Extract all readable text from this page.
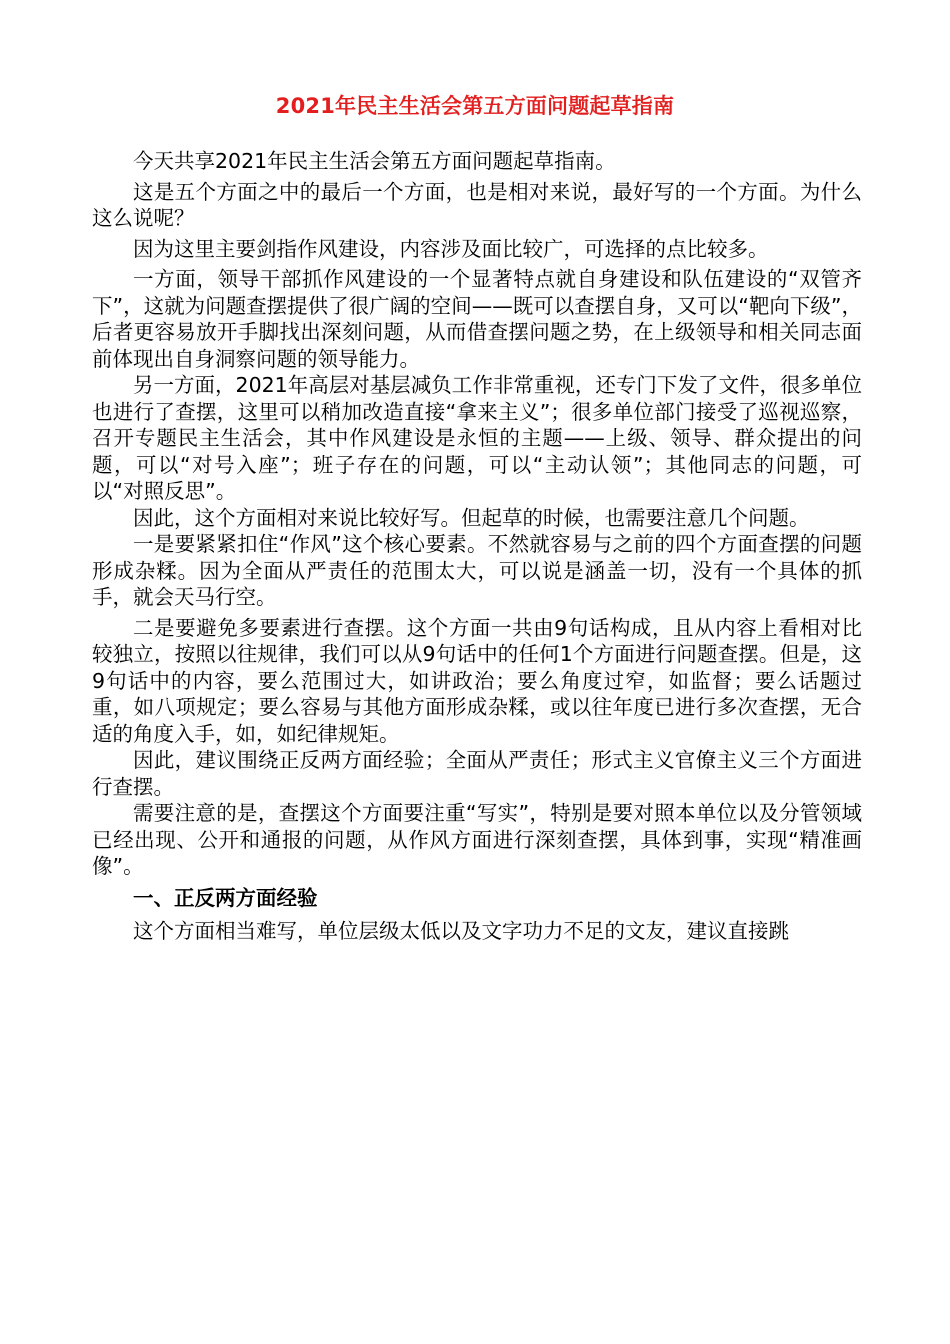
2021年民主生活会第五方面问题起草指南

今天共享2021年民主生活会第五方面问题起草指南。

这是五个方面之中的最后一个方面，也是相对来说，最好写的一个方面。为什么这么说呢？

因为这里主要剑指作风建设，内容涉及面比较广，可选择的点比较多。

一方面，领导干部抓作风建设的一个显著特点就自身建设和队伍建设的“双管齐下”，这就为问题查摆提供了很广阔的空间——既可以查摆自身，又可以“靶向下级”，后者更容易放开手脚找出深刻问题，从而借查摆问题之势，在上级领导和相关同志面前体现出自身洞察问题的领导能力。

另一方面，2021年高层对基层减负工作非常重视，还专门下发了文件，很多单位也进行了查摆，这里可以稍加改造直接“拿来主义”；很多单位部门接受了巡视巡察，召开专题民主生活会，其中作风建设是永恒的主题——上级、领导、群众提出的问题，可以“对号入座”；班子存在的问题，可以“主动认领”；其他同志的问题，可以“对照反思”。

因此，这个方面相对来说比较好写。但起草的时候，也需要注意几个问题。

一是要紧紧扣住“作风”这个核心要素。不然就容易与之前的四个方面查摆的问题形成杂糅。因为全面从严责任的范围太大，可以说是涵盖一切，没有一个具体的抓手，就会天马行空。

二是要避免多要素进行查摆。这个方面一共由9句话构成，且从内容上看相对比较独立，按照以往规律，我们可以从9句话中的任何1个方面进行问题查摆。但是，这9句话中的内容，要么范围过大，如讲政治；要么角度过窄，如监督；要么话题过重，如八项规定；要么容易与其他方面形成杂糅，或以往年度已进行多次查摆，无合适的角度入手，如，如纪律规矩。

因此，建议围绕正反两方面经验；全面从严责任；形式主义官僚主义三个方面进行查摆。

需要注意的是，查摆这个方面要注重“写实”，特别是要对照本单位以及分管领域已经出现、公开和通报的问题，从作风方面进行深刻查摆，具体到事，实现“精准画像”。

一、正反两方面经验

这个方面相当难写，单位层级太低以及文字功力不足的文友，建议直接跳
